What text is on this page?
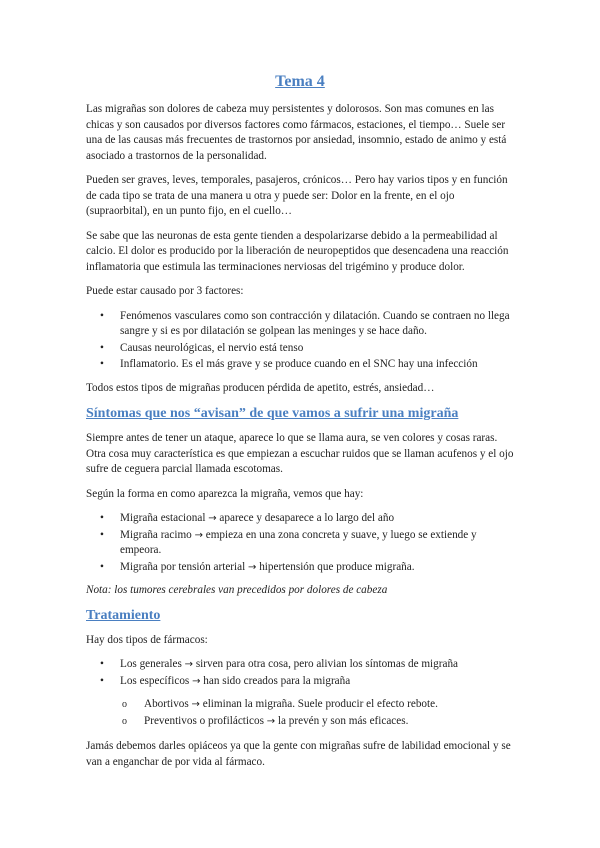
Tema 4

Las migrañas son dolores de cabeza muy persistentes y dolorosos. Son mas comunes en las chicas y son causados por diversos factores como fármacos, estaciones, el tiempo… Suele ser una de las causas más frecuentes de trastornos por ansiedad, insomnio, estado de animo y está asociado a trastornos de la personalidad.

Pueden ser graves, leves, temporales, pasajeros, crónicos… Pero hay varios tipos y en función de cada tipo se trata de una manera u otra y puede ser: Dolor en la frente, en el ojo (supraorbital), en un punto fijo, en el cuello…

Se sabe que las neuronas de esta gente tienden a despolarizarse debido a la permeabilidad al calcio. El dolor es producido por la liberación de neuropeptidos que desencadena una reacción inflamatoria que estimula las terminaciones nerviosas del trigémino y produce dolor.

Puede estar causado por 3 factores:

• Fenómenos vasculares como son contracción y dilatación. Cuando se contraen no llega sangre y si es por dilatación se golpean las meninges y se hace daño.
• Causas neurológicas, el nervio está tenso
• Inflamatorio. Es el más grave y se produce cuando en el SNC hay una infección

Todos estos tipos de migrañas producen pérdida de apetito, estrés, ansiedad…

Síntomas que nos “avisan” de que vamos a sufrir una migraña

Siempre antes de tener un ataque, aparece lo que se llama aura, se ven colores y cosas raras. Otra cosa muy característica es que empiezan a escuchar ruidos que se llaman acufenos y el ojo sufre de ceguera parcial llamada escotomas.

Según la forma en como aparezca la migraña, vemos que hay:

• Migraña estacional → aparece y desaparece a lo largo del año
• Migraña racimo → empieza en una zona concreta y suave, y luego se extiende y empeora.
• Migraña por tensión arterial → hipertensión que produce migraña.

Nota: los tumores cerebrales van precedidos por dolores de cabeza

Tratamiento

Hay dos tipos de fármacos:

• Los generales → sirven para otra cosa, pero alivian los síntomas de migraña
• Los específicos → han sido creados para la migraña
o Abortivos → eliminan la migraña. Suele producir el efecto rebote.
o Preventivos o profilácticos → la prevén y son más eficaces.

Jamás debemos darles opiáceos ya que la gente con migrañas sufre de labilidad emocional y se van a enganchar de por vida al fármaco.
